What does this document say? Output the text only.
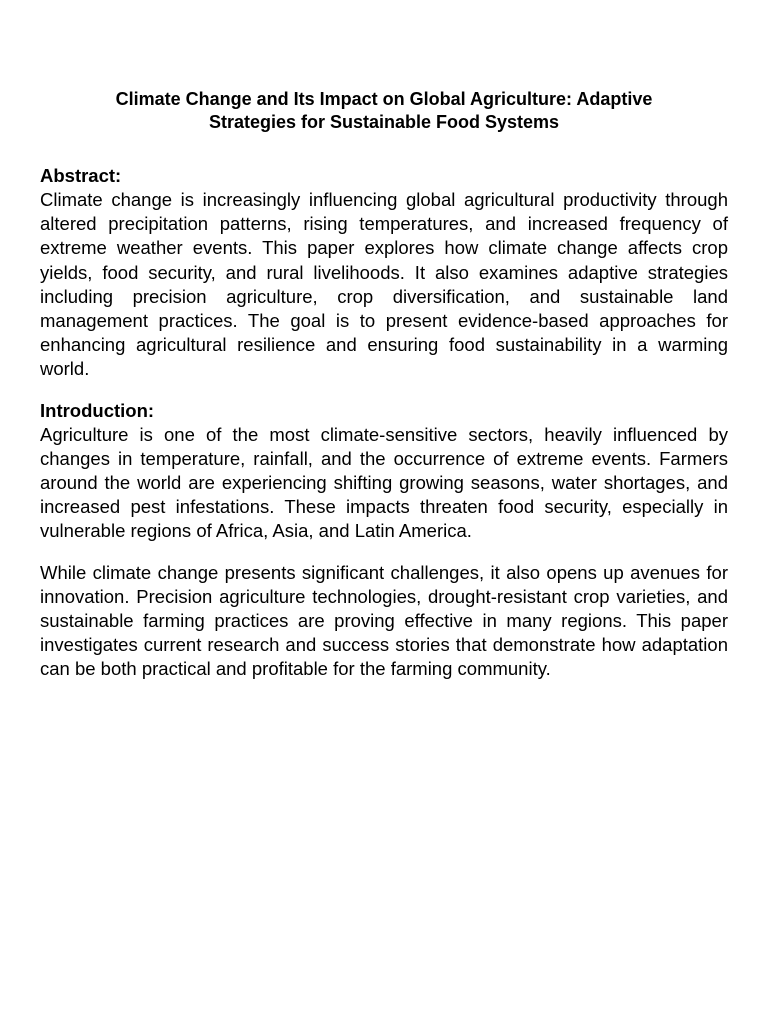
Climate Change and Its Impact on Global Agriculture: Adaptive
Strategies for Sustainable Food Systems
Abstract:

Climate change is increasingly influencing global agricultural productivity through altered precipitation patterns, rising temperatures, and increased frequency of extreme weather events. This paper explores how climate change affects crop yields, food security, and rural livelihoods. It also examines adaptive strategies including precision agriculture, crop diversification, and sustainable land management practices. The goal is to present evidence-based approaches for enhancing agricultural resilience and ensuring food sustainability in a warming world.

Introduction:

Agriculture is one of the most climate-sensitive sectors, heavily influenced by changes in temperature, rainfall, and the occurrence of extreme events. Farmers around the world are experiencing shifting growing seasons, water shortages, and increased pest infestations. These impacts threaten food security, especially in vulnerable regions of Africa, Asia, and Latin America.

While climate change presents significant challenges, it also opens up avenues for innovation. Precision agriculture technologies, drought-resistant crop varieties, and sustainable farming practices are proving effective in many regions. This paper investigates current research and success stories that demonstrate how adaptation can be both practical and profitable for the farming community.
